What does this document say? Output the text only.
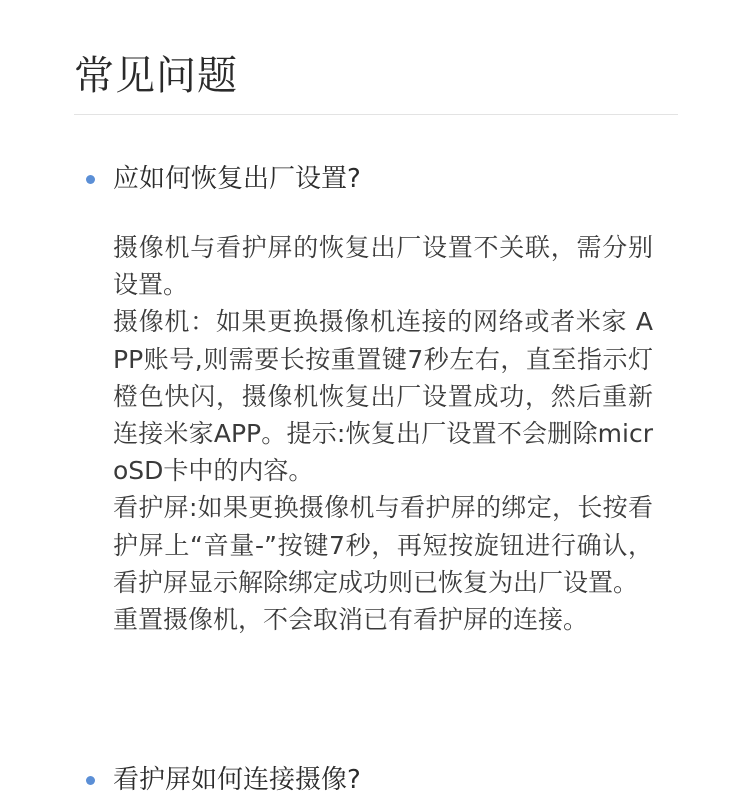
常见问题
应如何恢复出厂设置?

摄像机与看护屏的恢复出厂设置不关联，需分别设置。

摄像机：如果更换摄像机连接的网络或者米家 APP账号,则需要长按重置键7秒左右，直至指示灯橙色快闪，摄像机恢复出厂设置成功，然后重新连接米家APP。提示:恢复出厂设置不会删除microSD卡中的内容。

看护屏:如果更换摄像机与看护屏的绑定，长按看护屏上“音量-”按键7秒，再短按旋钮进行确认，看护屏显示解除绑定成功则已恢复为出厂设置。

重置摄像机，不会取消已有看护屏的连接。

看护屏如何连接摄像?
